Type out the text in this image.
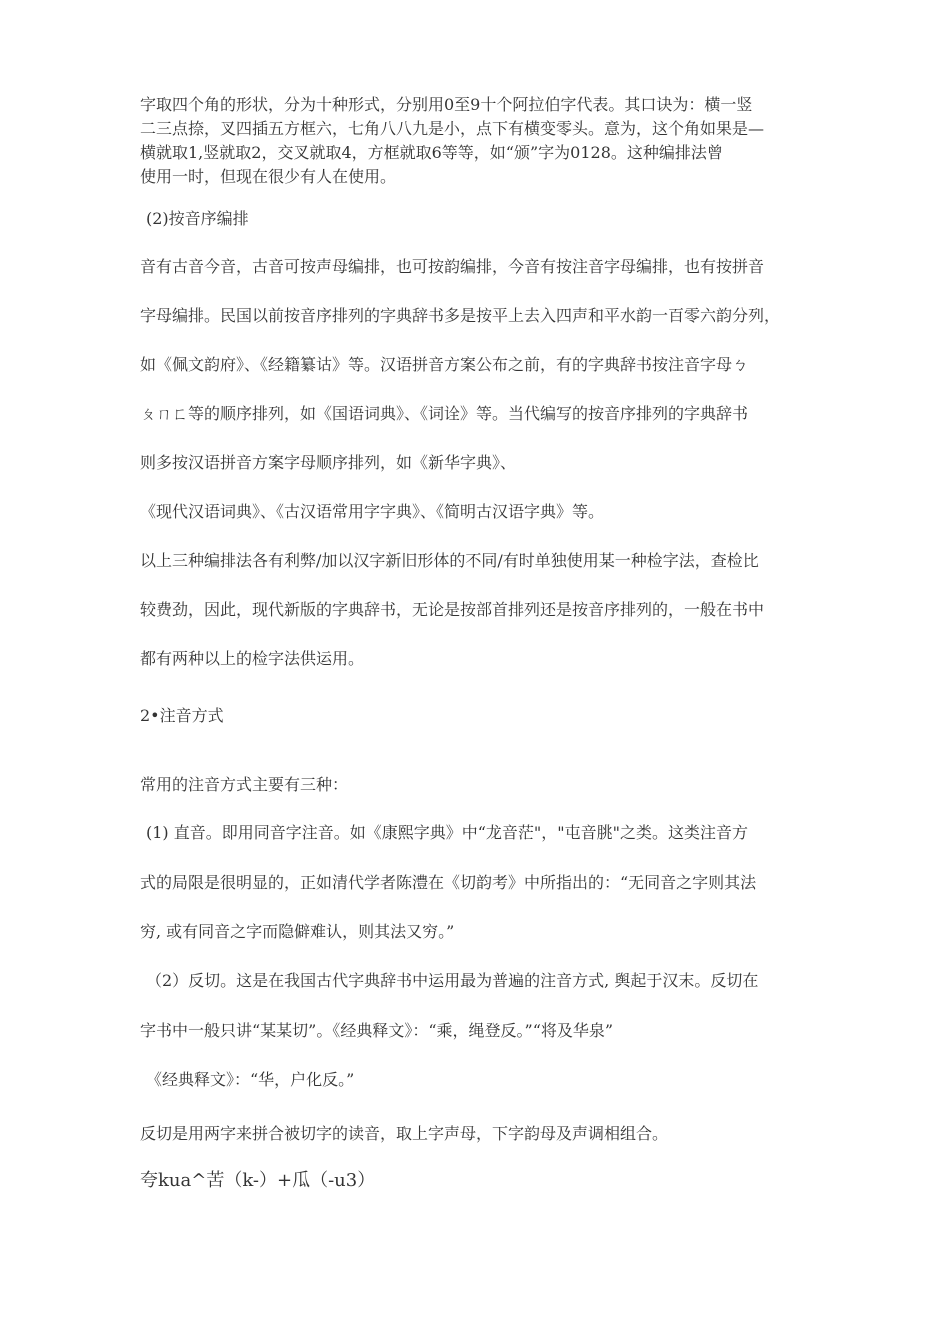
字取四个角的形状，分为十种形式，分别用0至9十个阿拉伯字代表。其口诀为：横一竖
二三点捺，叉四插五方框六，七角八八九是小，点下有横变零头。意为，这个角如果是—
横就取1,竖就取2，交叉就取4，方框就取6等等，如“颁”字为0128。这种编排法曾
使用一时，但现在很少有人在使用。
(2)按音序编排
音有古音今音，古音可按声母编排，也可按韵编排，今音有按注音字母编排，也有按拼音
字母编排。民国以前按音序排列的字典辞书多是按平上去入四声和平水韵一百零六韵分列，
如《佩文韵府》、《经籍纂诂》等。汉语拼音方案公布之前，有的字典辞书按注音字母ㄅ
ㄆㄇㄈ等的顺序排列，如《国语词典》、《词诠》等。当代编写的按音序排列的字典辞书
则多按汉语拼音方案字母顺序排列，如《新华字典》、
《现代汉语词典》、《古汉语常用字字典》、《简明古汉语字典》等。
以上三种编排法各有利弊/加以汉字新旧形体的不同/有时单独使用某一种检字法，查检比
较费劲，因此，现代新版的字典辞书，无论是按部首排列还是按音序排列的，一般在书中
都有两种以上的检字法供运用。
2•注音方式
常用的注音方式主要有三种：
(1) 直音。即用同音字注音。如《康熙字典》中“龙音茫"，"屯音朓"之类。这类注音方
式的局限是很明显的，正如清代学者陈澧在《切韵考》中所指出的：“无同音之字则其法
穷, 或有同音之字而隐僻难认，则其法又穷。”
（2）反切。这是在我国古代字典辞书中运用最为普遍的注音方式, 舆起于汉末。反切在
字书中一般只讲“某某切”。《经典释文》：“乘，绳登反。”“将及华泉”
《经典释文》：“华，户化反。”
反切是用两字来拼合被切字的读音，取上字声母，下字韵母及声调相组合。
夸kua^苦（k-）+瓜（-u3）
